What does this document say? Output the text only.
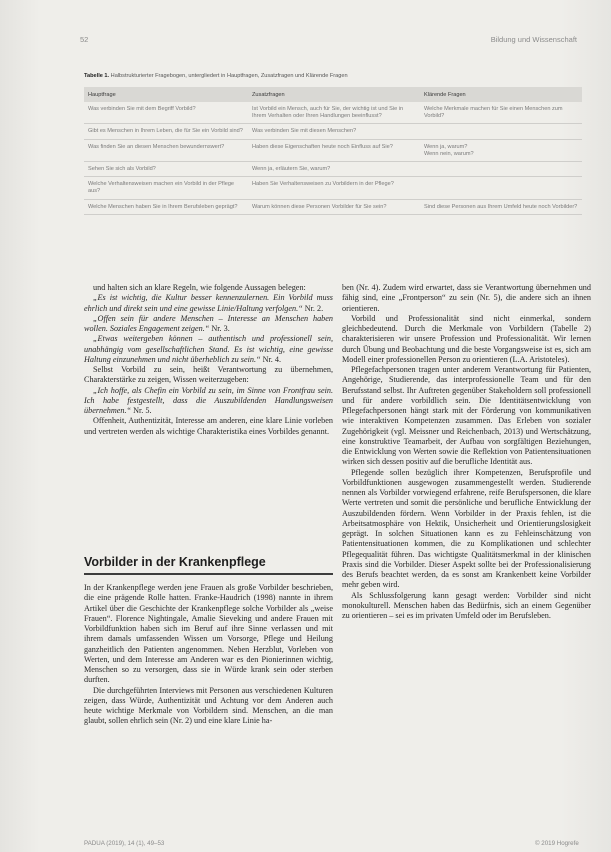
52	Bildung und Wissenschaft
Tabelle 1. Halbstrukturierter Fragebogen, untergliedert in Hauptfragen, Zusatzfragen und Klärende Fragen
Hauptfrage	Zusatzfragen	Klärende Fragen
Was verbinden Sie mit dem Begriff Vorbild?	Ist Vorbild ein Mensch, auch für Sie, der wichtig ist und Sie in Ihrem Verhalten oder Ihren Handlungen beeinflusst?	Welche Merkmale machen für Sie einen Menschen zum Vorbild?
Gibt es Menschen in Ihrem Leben, die für Sie ein Vorbild sind?	Was verbinden Sie mit diesen Menschen?	
Was finden Sie an diesen Menschen bewundernswert?	Haben diese Eigenschaften heute noch Einfluss auf Sie?	Wenn ja, warum?
Wenn nein, warum?
Sehen Sie sich als Vorbild?	Wenn ja, erläutern Sie, warum?	
Welche Verhaltensweisen machen ein Vorbild in der Pflege aus?	Haben Sie Verhaltensweisen zu Vorbildern in der Pflege?	
Welche Menschen haben Sie in Ihrem Berufsleben geprägt?	Warum können diese Personen Vorbilder für Sie sein?	Sind diese Personen aus Ihrem Umfeld heute noch Vorbilder?

und halten sich an klare Regeln, wie folgende Aussagen belegen:

„Es ist wichtig, die Kultur besser kennenzulernen. Ein Vorbild muss ehrlich und direkt sein und eine gewisse Linie/Haltung verfolgen.“ Nr. 2.

„Offen sein für andere Menschen – Interesse an Menschen haben wollen. Soziales Engagement zeigen.“ Nr. 3.

„Etwas weitergeben können – authentisch und professionell sein, unabhängig vom gesellschaftlichen Stand. Es ist wichtig, eine gewisse Haltung einzunehmen und nicht überheblich zu sein.“ Nr. 4.

Selbst Vorbild zu sein, heißt Verantwortung zu übernehmen, Charakterstärke zu zeigen, Wissen weiterzugeben:

„Ich hoffe, als Chefin ein Vorbild zu sein, im Sinne von Frontfrau sein. Ich habe festgestellt, dass die Auszubildenden Handlungsweisen übernehmen.“ Nr. 5.

Offenheit, Authentizität, Interesse am anderen, eine klare Linie vorleben und vertreten werden als wichtige Charakteristika eines Vorbildes genannt.

Vorbilder in der Krankenpflege

In der Krankenpflege werden jene Frauen als große Vorbilder beschrieben, die eine prägende Rolle hatten. Franke-Haudrich (1998) nannte in ihrem Artikel über die Geschichte der Krankenpflege solche Vorbilder als „weise Frauen“. Florence Nightingale, Amalie Sieveking und andere Frauen mit Vorbildfunktion haben sich im Beruf auf ihre Sinne verlassen und mit ihrem damals umfassenden Wissen um Vorsorge, Pflege und Heilung ganzheitlich den Patienten angenommen. Neben Herzblut, Vorleben von Werten, und dem Interesse am Anderen war es den Pionierinnen wichtig, Menschen so zu versorgen, dass sie in Würde krank sein oder sterben durften.

Die durchgeführten Interviews mit Personen aus verschiedenen Kulturen zeigen, dass Würde, Authentizität und Achtung vor dem Anderen auch heute wichtige Merkmale von Vorbildern sind. Menschen, an die man glaubt, sollen ehrlich sein (Nr. 2) und eine klare Linie ha-

ben (Nr. 4). Zudem wird erwartet, dass sie Verantwortung übernehmen und fähig sind, eine „Frontperson“ zu sein (Nr. 5), die andere sich an ihnen orientieren.

Vorbild und Professionalität sind nicht einmerkal, sondern gleichbedeutend. Durch die Merkmale von Vorbildern (Tabelle 2) charakterisieren wir unsere Profession und Professionalität. Wir lernen durch Übung und Beobachtung und die beste Vorgangsweise ist es, sich am Modell einer professionellen Person zu orientieren (L.A. Aristoteles).

Pflegefachpersonen tragen unter anderem Verantwortung für Patienten, Angehörige, Studierende, das interprofessionelle Team und für den Berufsstand selbst. Ihr Auftreten gegenüber Stakeholdern soll professionell und für andere vorbildlich sein. Die Identitätsentwicklung von Pflegefachpersonen hängt stark mit der Förderung von kommunikativen wie interaktiven Kompetenzen zusammen. Das Erleben von sozialer Zugehörigkeit (vgl. Meissner und Reichenbach, 2013) und Wertschätzung, eine konstruktive Teamarbeit, der Aufbau von sorgfältigen Beziehungen, die Entwicklung von Werten sowie die Reflektion von Patientensituationen wirken sich dessen positiv auf die berufliche Identität aus.

Pflegende sollen bezüglich ihrer Kompetenzen, Berufsprofile und Vorbildfunktionen ausgewogen zusammengestellt werden. Studierende nennen als Vorbilder vorwiegend erfahrene, reife Berufspersonen, die klare Werte vertreten und somit die persönliche und berufliche Entwicklung der Auszubildenden fördern. Wenn Vorbilder in der Praxis fehlen, ist die Arbeitsatmosphäre von Hektik, Unsicherheit und Orientierungslosigkeit geprägt. In solchen Situationen kann es zu Fehleinschätzung von Patientensituationen kommen, die zu Komplikationen und schlechter Pflegequalität führen. Das wichtigste Qualitätsmerkmal in der klinischen Praxis sind die Vorbilder. Dieser Aspekt sollte bei der Professionalisierung des Berufs beachtet werden, da es sonst am Krankenbett keine Vorbilder mehr geben wird.

Als Schlussfolgerung kann gesagt werden: Vorbilder sind nicht monokulturell. Menschen haben das Bedürfnis, sich an einem Gegenüber zu orientieren – sei es im privaten Umfeld oder im Berufsleben.

PADUA (2019), 14 (1), 49–53	© 2019 Hogrefe
